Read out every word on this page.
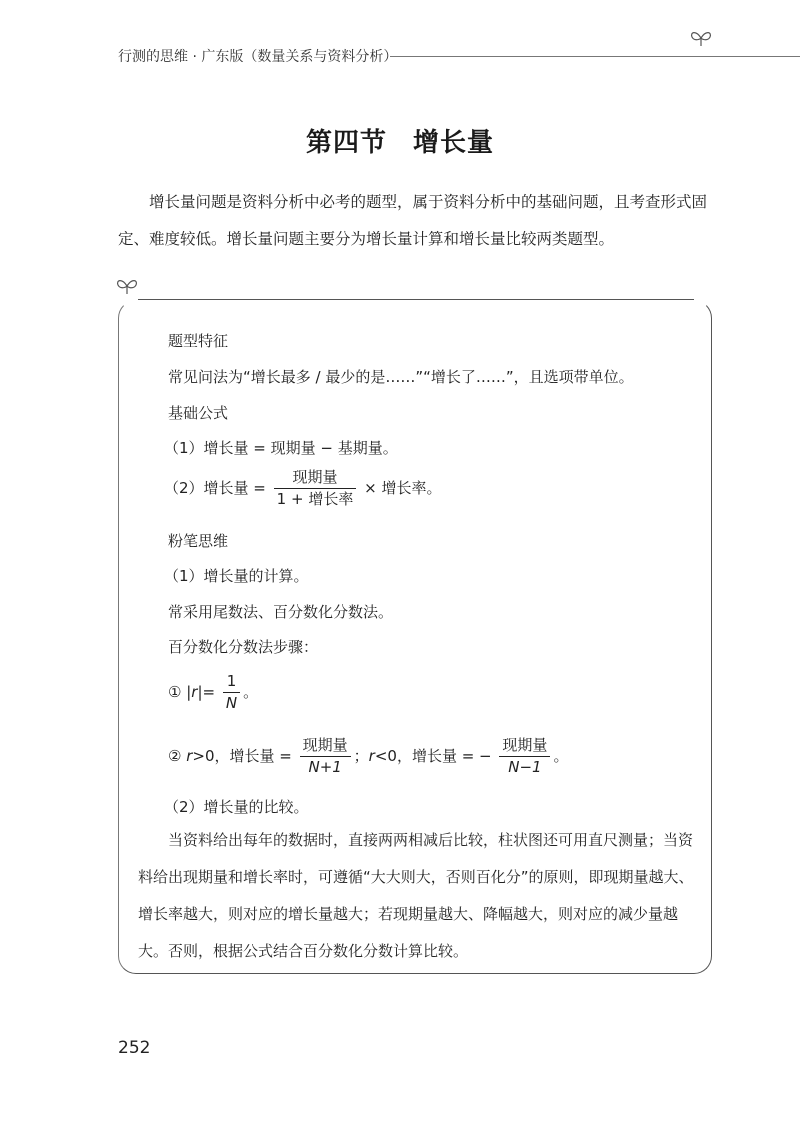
行测的思维 · 广东版（数量关系与资料分析）
第四节 增长量

增长量问题是资料分析中必考的题型，属于资料分析中的基础问题，且考查形式固定、难度较低。增长量问题主要分为增长量计算和增长量比较两类题型。

题型特征
常见问法为“增长最多 / 最少的是……”“增长了……”，且选项带单位。
基础公式
（1）增长量 = 现期量 − 基期量。
（2）增长量 = $\frac{\text{现期量}}{\text{1 + 增长率}}$ × 增长率。
粉笔思维
（1）增长量的计算。
常采用尾数法、百分数化分数法。
百分数化分数法步骤：
① $|r|= \frac{1}{N}$ 。
② r>0，增长量 = $\frac{\text{现期量}}{N+1}$ ；r<0，增长量 = − $\frac{\text{现期量}}{N-1}$ 。
（2）增长量的比较。

当资料给出每年的数据时，直接两两相减后比较，柱状图还可用直尺测量；当资料给出现期量和增长率时，可遵循“大大则大，否则百化分”的原则，即现期量越大、增长率越大，则对应的增长量越大；若现期量越大、降幅越大，则对应的减少量越大。否则，根据公式结合百分数化分数计算比较。

252
